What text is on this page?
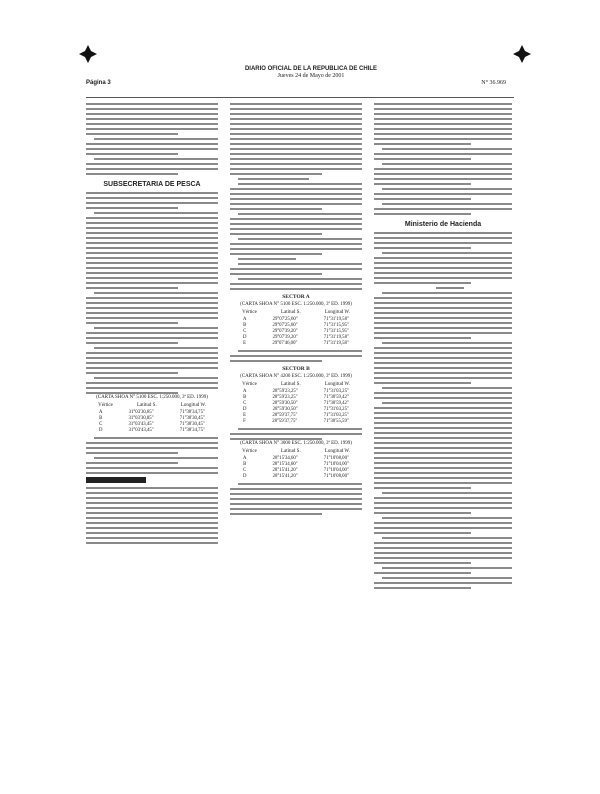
Página 3
DIARIO OFICIAL DE LA REPUBLICA DE CHILE
Jueves 24 de Mayo de 2001
N° 36.969
SUBSECRETARIA DE PESCA
(CARTA SHOA N° 5100 ESC. 1:250.000, 3ª ED. 1999)
Vértice	Latitud S.	Longitud W.
A	31°03'30,85"	71°38'34,75"
B	31°03'30,85"	71°38'30,45"
C	31°03'43,45"	71°38'30,45"
D	31°03'43,45"	71°38'34,75"
SECTOR A
(CARTA SHOA N° 5100 ESC. 1:250.000, 3ª ED. 1999)
Vértice	Latitud S.	Longitud W.
A	29°07'25,60"	71°31'19,58"
B	29°07'25,60"	71°31'15,95"
C	29°07'39,20"	71°31'15,95"
D	29°07'39,20"	71°31'19,58"
E	29°07'46,00"	71°31'19,58"
SECTOR B
(CARTA SHOA N° 4200 ESC. 1:250.000, 3ª ED. 1999)
Vértice	Latitud S.	Longitud W.
A	28°59'23,25"	71°31'03,25"
B	28°59'23,25"	71°30'59,42"
C	28°59'30,50"	71°30'59,42"
D	28°59'30,50"	71°31'03,25"
E	28°59'37,75"	71°31'03,25"
F	28°59'37,75"	71°30'55,59"
(CARTA SHOA N° 3000 ESC. 1:250.000, 3ª ED. 1999)
Vértice	Latitud S.	Longitud W.
A	28°15'34,60"	71°10'08,00"
B	28°15'34,60"	71°10'04,00"
C	28°15'41,20"	71°10'04,00"
D	28°15'41,20"	71°10'08,00"
Ministerio de Hacienda
